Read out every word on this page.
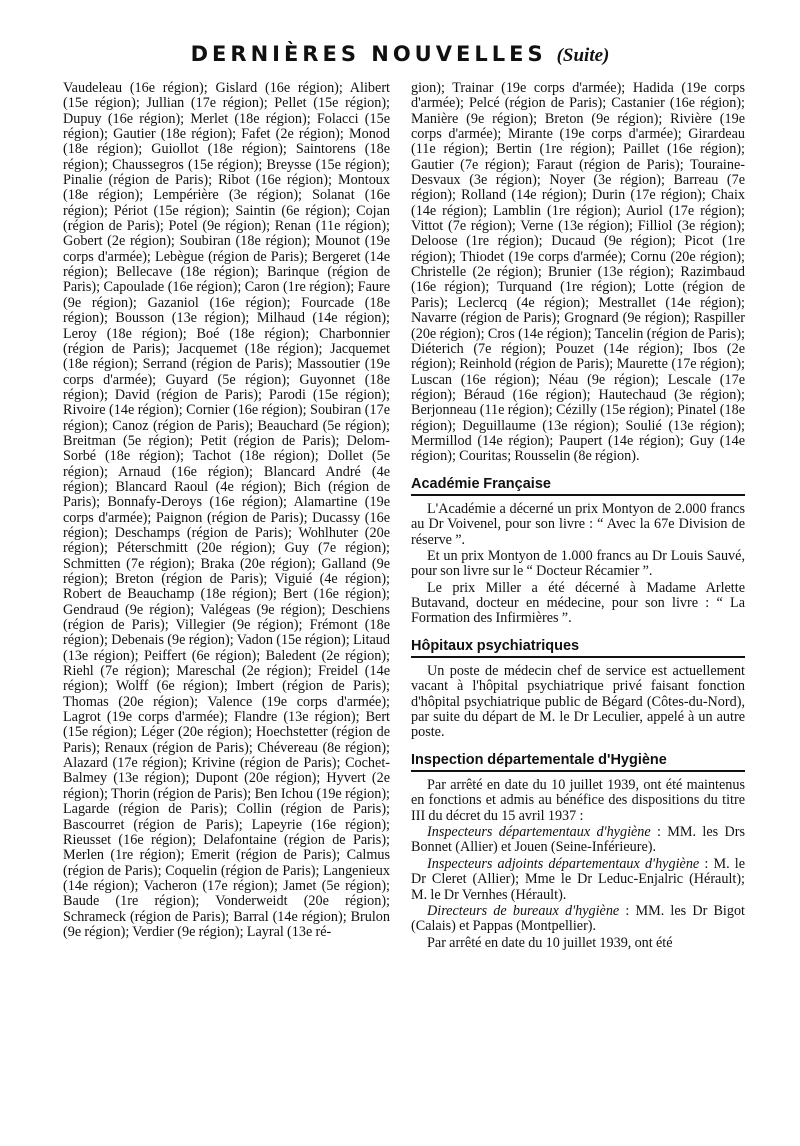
DERNIÈRES NOUVELLES (Suite)

Vaudeleau (16e région); Gislard (16e région); Alibert (15e région); Jullian (17e région); Pellet (15e région); Dupuy (16e région); Merlet (18e région); Folacci (15e région); Gautier (18e région); Fafet (2e région); Monod (18e région); Guiollot (18e région); Saintorens (18e région); Chaussegros (15e région); Breysse (15e région); Pinalie (région de Paris); Ribot (16e région); Montoux (18e région); Lempérière (3e région); Solanat (16e région); Périot (15e région); Saintin (6e région); Cojan (région de Paris); Potel (9e région); Renan (11e région); Gobert (2e région); Soubiran (18e région); Mounot (19e corps d'armée); Lebègue (région de Paris); Bergeret (14e région); Bellecave (18e région); Barinque (région de Paris); Capoulade (16e région); Caron (1re région); Faure (9e région); Gazaniol (16e région); Fourcade (18e région); Bousson (13e région); Milhaud (14e région); Leroy (18e région); Boé (18e région); Charbonnier (région de Paris); Jacquemet (18e région); Jacquemet (18e région); Serrand (région de Paris); Massoutier (19e corps d'armée); Guyard (5e région); Guyonnet (18e région); David (région de Paris); Parodi (15e région); Rivoire (14e région); Cornier (16e région); Soubiran (17e région); Canoz (région de Paris); Beauchard (5e région); Breitman (5e région); Petit (région de Paris); Delom-Sorbé (18e région); Tachot (18e région); Dollet (5e région); Arnaud (16e région); Blancard André (4e région); Blancard Raoul (4e région); Bich (région de Paris); Bonnafy-Deroys (16e région); Alamartine (19e corps d'armée); Paignon (région de Paris); Ducassy (16e région); Deschamps (région de Paris); Wohlhuter (20e région); Péterschmitt (20e région); Guy (7e région); Schmitten (7e région); Braka (20e région); Galland (9e région); Breton (région de Paris); Viguié (4e région); Robert de Beauchamp (18e région); Bert (16e région); Gendraud (9e région); Valégeas (9e région); Deschiens (région de Paris); Villegier (9e région); Frémont (18e région); Debenais (9e région); Vadon (15e région); Litaud (13e région); Peiffert (6e région); Baledent (2e région); Riehl (7e région); Mareschal (2e région); Freidel (14e région); Wolff (6e région); Imbert (région de Paris); Thomas (20e région); Valence (19e corps d'armée); Lagrot (19e corps d'armée); Flandre (13e région); Bert (15e région); Léger (20e région); Hoechstetter (région de Paris); Renaux (région de Paris); Chévereau (8e région); Alazard (17e région); Krivine (région de Paris); Cochet-Balmey (13e région); Dupont (20e région); Hyvert (2e région); Thorin (région de Paris); Ben Ichou (19e région); Lagarde (région de Paris); Collin (région de Paris); Bascourret (région de Paris); Lapeyrie (16e région); Rieusset (16e région); Delafontaine (région de Paris); Merlen (1re région); Emerit (région de Paris); Calmus (région de Paris); Coquelin (région de Paris); Langenieux (14e région); Vacheron (17e région); Jamet (5e région); Baude (1re région); Vonderweidt (20e région); Schrameck (région de Paris); Barral (14e région); Brulon (9e région); Verdier (9e région); Layral (13e ré-

gion); Trainar (19e corps d'armée); Hadida (19e corps d'armée); Pelcé (région de Paris); Castanier (16e région); Manière (9e région); Breton (9e région); Rivière (19e corps d'armée); Mirante (19e corps d'armée); Girardeau (11e région); Bertin (1re région); Paillet (16e région); Gautier (7e région); Faraut (région de Paris); Touraine-Desvaux (3e région); Noyer (3e région); Barreau (7e région); Rolland (14e région); Durin (17e région); Chaix (14e région); Lamblin (1re région); Auriol (17e région); Vittot (7e région); Verne (13e région); Filliol (3e région); Deloose (1re région); Ducaud (9e région); Picot (1re région); Thiodet (19e corps d'armée); Cornu (20e région); Christelle (2e région); Brunier (13e région); Razimbaud (16e région); Turquand (1re région); Lotte (région de Paris); Leclercq (4e région); Mestrallet (14e région); Navarre (région de Paris); Grognard (9e région); Raspiller (20e région); Cros (14e région); Tancelin (région de Paris); Diéterich (7e région); Pouzet (14e région); Ibos (2e région); Reinhold (région de Paris); Maurette (17e région); Luscan (16e région); Néau (9e région); Lescale (17e région); Béraud (16e région); Hautechaud (3e région); Berjonneau (11e région); Cézilly (15e région); Pinatel (18e région); Deguillaume (13e région); Soulié (13e région); Mermillod (14e région); Paupert (14e région); Guy (14e région); Couritas; Rousselin (8e région).

Académie Française

L'Académie a décerné un prix Montyon de 2.000 francs au Dr Voivenel, pour son livre : “ Avec la 67e Division de réserve ”.

Et un prix Montyon de 1.000 francs au Dr Louis Sauvé, pour son livre sur le “ Docteur Récamier ”.

Le prix Miller a été décerné à Madame Arlette Butavand, docteur en médecine, pour son livre : “ La Formation des Infirmières ”.

Hôpitaux psychiatriques

Un poste de médecin chef de service est actuellement vacant à l'hôpital psychiatrique privé faisant fonction d'hôpital psychiatrique public de Bégard (Côtes-du-Nord), par suite du départ de M. le Dr Leculier, appelé à un autre poste.

Inspection départementale d'Hygiène

Par arrêté en date du 10 juillet 1939, ont été maintenus en fonctions et admis au bénéfice des dispositions du titre III du décret du 15 avril 1937 :

Inspecteurs départementaux d'hygiène : MM. les Drs Bonnet (Allier) et Jouen (Seine-Inférieure).

Inspecteurs adjoints départementaux d'hygiène : M. le Dr Cleret (Allier); Mme le Dr Leduc-Enjalric (Hérault); M. le Dr Vernhes (Hérault).

Directeurs de bureaux d'hygiène : MM. les Dr Bigot (Calais) et Pappas (Montpellier).

Par arrêté en date du 10 juillet 1939, ont été
